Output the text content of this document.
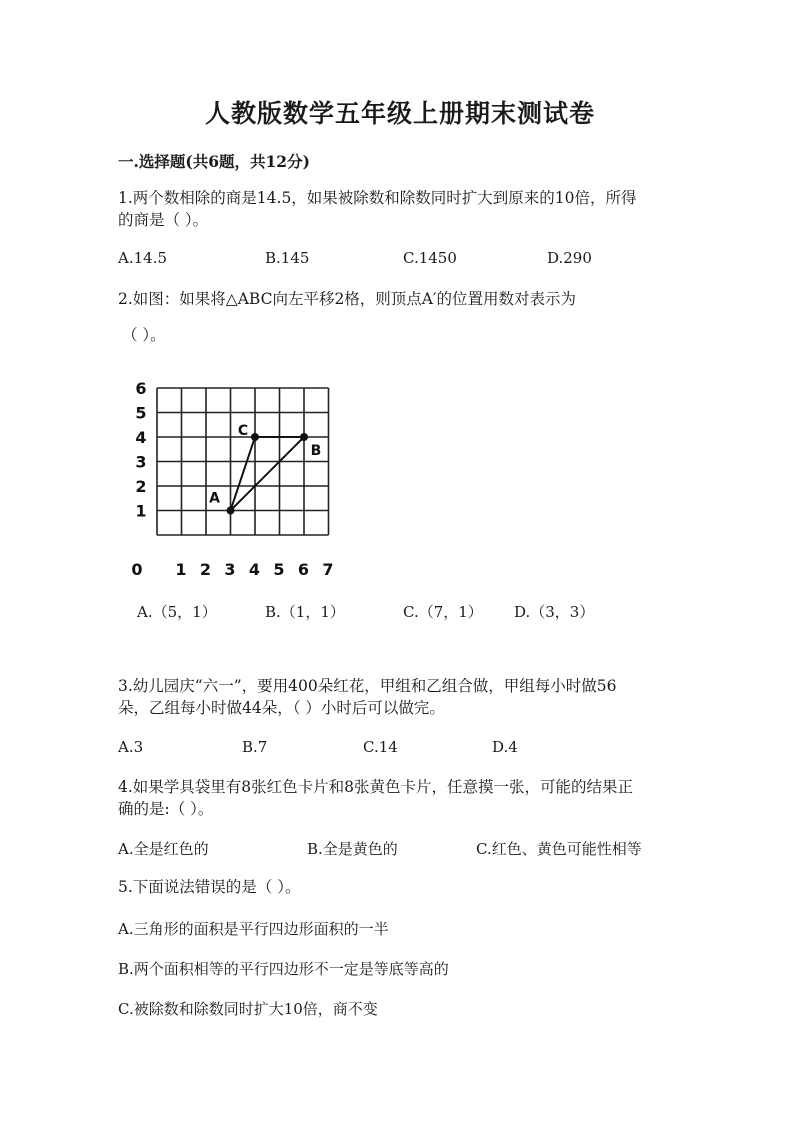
人教版数学五年级上册期末测试卷
一.选择题(共6题，共12分)
1.两个数相除的商是14.5，如果被除数和除数同时扩大到原来的10倍，所得
的商是（ ）。
A.14.5	B.145	C.1450	D.290
2.如图：如果将△ABC向左平移2格，则顶点A′的位置用数对表示为
（ ）。
0 1 2 3 4 5 6 7
1
2
3
4
5
6
A
B
C
A.（5，1）	B.（1，1）	C.（7，1） D.（3，3）
3.幼儿园庆“六一”，要用400朵红花，甲组和乙组合做，甲组每小时做56
朵，乙组每小时做44朵，（ ）小时后可以做完。
A.3	B.7	C.14	D.4
4.如果学具袋里有8张红色卡片和8张黄色卡片，任意摸一张，可能的结果正
确的是:（ ）。
A.全是红色的	B.全是黄色的	C.红色、黄色可能性相等
5.下面说法错误的是（ ）。
A.三角形的面积是平行四边形面积的一半
B.两个面积相等的平行四边形不一定是等底等高的
C.被除数和除数同时扩大10倍，商不变
